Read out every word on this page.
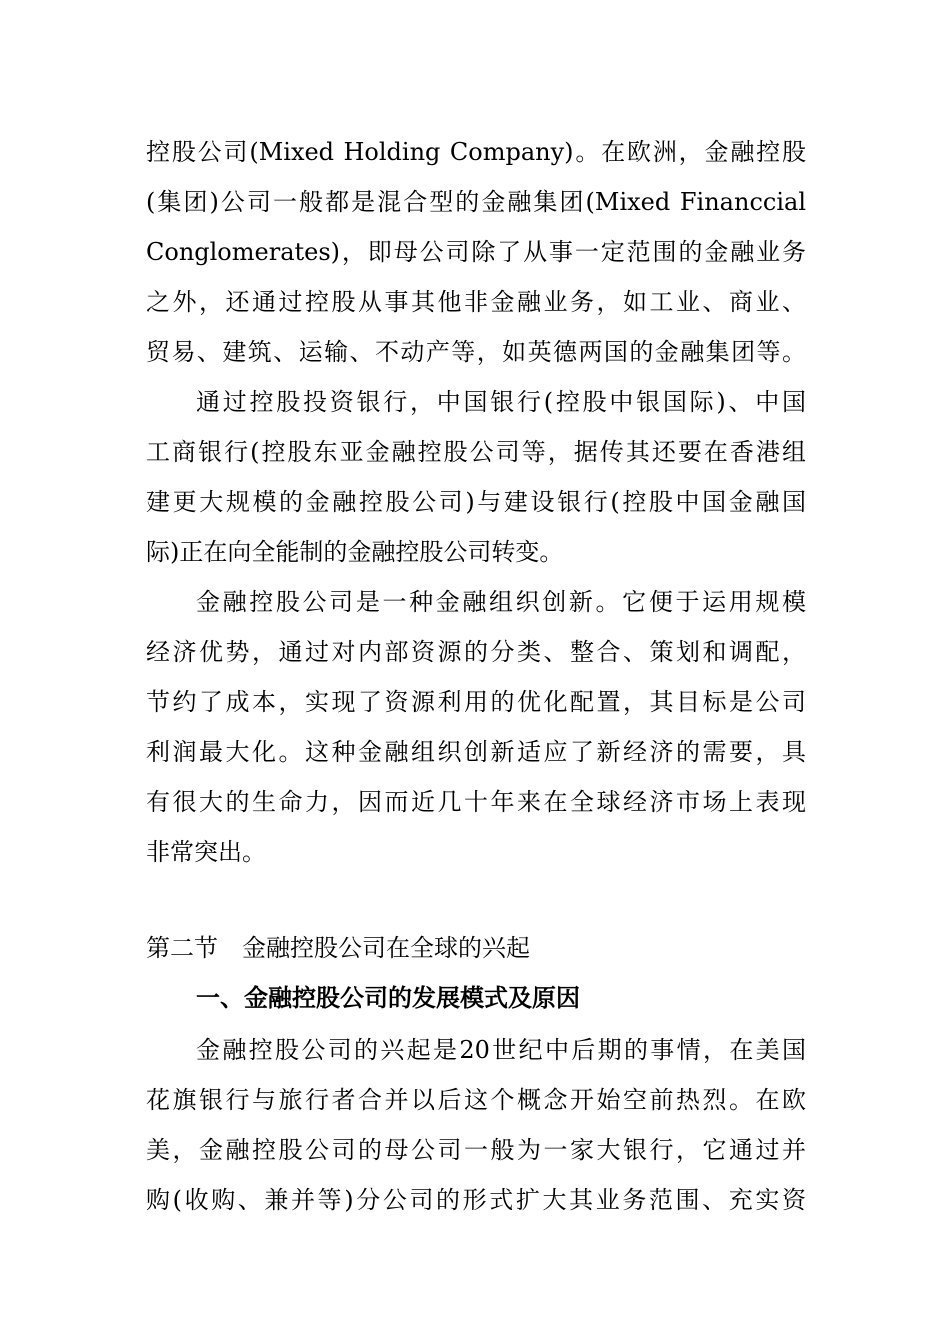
控股公司(Mixed Holding Company)。在欧洲，金融控股
(集团)公司一般都是混合型的金融集团(Mixed Financcial
Conglomerates)，即母公司除了从事一定范围的金融业务
之外，还通过控股从事其他非金融业务，如工业、商业、
贸易、建筑、运输、不动产等，如英德两国的金融集团等。
通过控股投资银行，中国银行(控股中银国际)、中国
工商银行(控股东亚金融控股公司等，据传其还要在香港组
建更大规模的金融控股公司)与建设银行(控股中国金融国
际)正在向全能制的金融控股公司转变。
金融控股公司是一种金融组织创新。它便于运用规模
经济优势，通过对内部资源的分类、整合、策划和调配，
节约了成本，实现了资源利用的优化配置，其目标是公司
利润最大化。这种金融组织创新适应了新经济的需要，具
有很大的生命力，因而近几十年来在全球经济市场上表现
非常突出。
第二节　金融控股公司在全球的兴起
一、金融控股公司的发展模式及原因
金融控股公司的兴起是20世纪中后期的事情，在美国
花旗银行与旅行者合并以后这个概念开始空前热烈。在欧
美，金融控股公司的母公司一般为一家大银行，它通过并
购(收购、兼并等)分公司的形式扩大其业务范围、充实资
